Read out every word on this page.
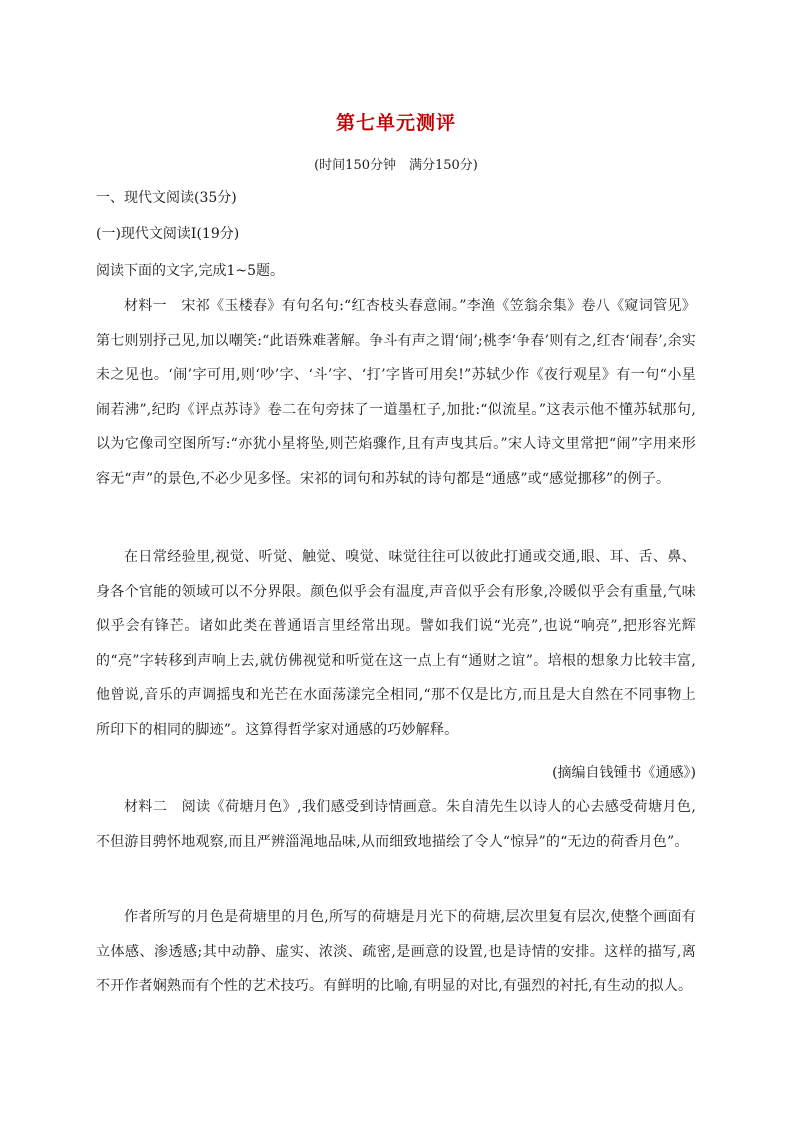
第七单元测评
(时间150分钟　满分150分)
一、现代文阅读(35分)
(一)现代文阅读Ⅰ(19分)
阅读下面的文字,完成1~5题。
材料一　宋祁《玉楼春》有句名句:“红杏枝头春意闹。”李渔《笠翁余集》卷八《窥词管见》第七则别抒己见,加以嘲笑:“此语殊难著解。争斗有声之谓‘闹’;桃李‘争春’则有之,红杏‘闹春’,余实未之见也。‘闹’字可用,则‘吵’字、‘斗’字、‘打’字皆可用矣!”苏轼少作《夜行观星》有一句“小星闹若沸”,纪昀《评点苏诗》卷二在句旁抹了一道墨杠子,加批:“似流星。”这表示他不懂苏轼那句,以为它像司空图所写:“亦犹小星将坠,则芒焰骤作,且有声曳其后。”宋人诗文里常把“闹”字用来形容无“声”的景色,不必少见多怪。宋祁的词句和苏轼的诗句都是“通感”或“感觉挪移”的例子。
在日常经验里,视觉、听觉、触觉、嗅觉、味觉往往可以彼此打通或交通,眼、耳、舌、鼻、身各个官能的领域可以不分界限。颜色似乎会有温度,声音似乎会有形象,冷暖似乎会有重量,气味似乎会有锋芒。诸如此类在普通语言里经常出现。譬如我们说“光亮”,也说“响亮”,把形容光辉的“亮”字转移到声响上去,就仿佛视觉和听觉在这一点上有“通财之谊”。培根的想象力比较丰富,他曾说,音乐的声调摇曳和光芒在水面荡漾完全相同,“那不仅是比方,而且是大自然在不同事物上所印下的相同的脚迹”。这算得哲学家对通感的巧妙解释。
(摘编自钱锺书《通感》)
材料二　阅读《荷塘月色》,我们感受到诗情画意。朱自清先生以诗人的心去感受荷塘月色,不但游目骋怀地观察,而且严辨淄渑地品味,从而细致地描绘了令人“惊异”的“无边的荷香月色”。
作者所写的月色是荷塘里的月色,所写的荷塘是月光下的荷塘,层次里复有层次,使整个画面有立体感、渗透感;其中动静、虚实、浓淡、疏密,是画意的设置,也是诗情的安排。这样的描写,离不开作者娴熟而有个性的艺术技巧。有鲜明的比喻,有明显的对比,有强烈的衬托,有生动的拟人。
